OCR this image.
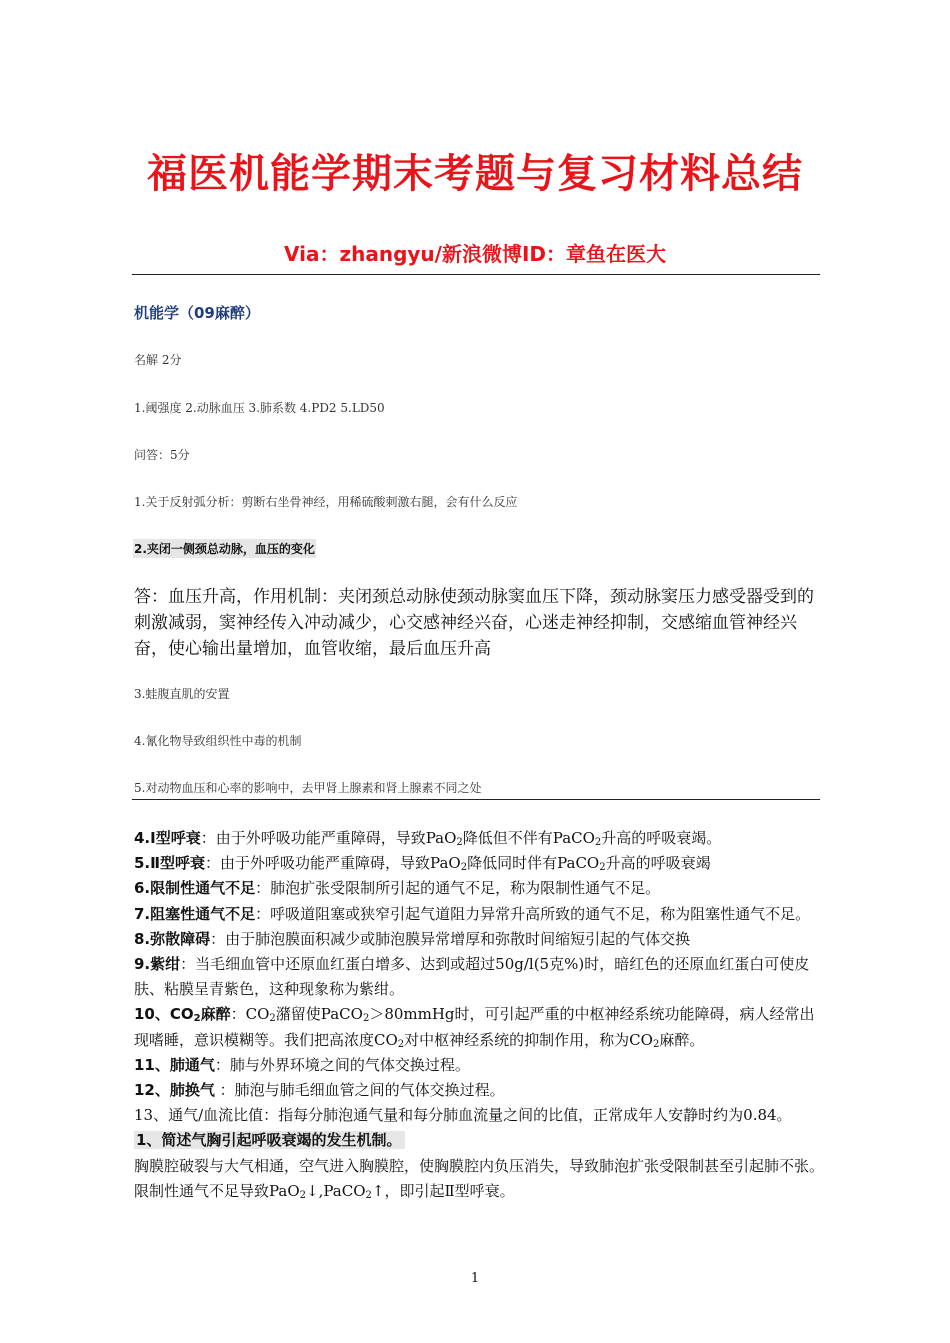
福医机能学期末考题与复习材料总结
Via：zhangyu/新浪微博ID：章鱼在医大
机能学（09麻醉）
名解 2分
1.阈强度 2.动脉血压 3.肺系数 4.PD2 5.LD50
问答：5分
1.关于反射弧分析：剪断右坐骨神经，用稀硫酸刺激右腿，会有什么反应
2.夹闭一侧颈总动脉，血压的变化
答：血压升高，作用机制：夹闭颈总动脉使颈动脉窦血压下降，颈动脉窦压力感受器受到的刺激减弱，窦神经传入冲动减少，心交感神经兴奋，心迷走神经抑制，交感缩血管神经兴奋，使心输出量增加，血管收缩，最后血压升高
3.蛙腹直肌的安置
4.氰化物导致组织性中毒的机制
5.对动物血压和心率的影响中，去甲肾上腺素和肾上腺素不同之处

4.Ⅰ型呼衰：由于外呼吸功能严重障碍，导致PaO$_2$降低但不伴有PaCO$_2$升高的呼吸衰竭。

5.Ⅱ型呼衰：由于外呼吸功能严重障碍，导致PaO$_2$降低同时伴有PaCO$_2$升高的呼吸衰竭

6.限制性通气不足：肺泡扩张受限制所引起的通气不足，称为限制性通气不足。

7.阻塞性通气不足：呼吸道阻塞或狭窄引起气道阻力异常升高所致的通气不足，称为阻塞性通气不足。

8.弥散障碍：由于肺泡膜面积减少或肺泡膜异常增厚和弥散时间缩短引起的气体交换

9.紫绀：当毛细血管中还原血红蛋白增多、达到或超过50g/l(5克%)时，暗红色的还原血红蛋白可使皮肤、粘膜呈青紫色，这种现象称为紫绀。

10、$CO_2$麻醉：$CO_2$潴留使PaCO$_2$＞80mmHg时，可引起严重的中枢神经系统功能障碍，病人经常出现嗜睡，意识模糊等。我们把高浓度$CO_2$对中枢神经系统的抑制作用，称为$CO_2$麻醉。

11、肺通气：肺与外界环境之间的气体交换过程。

12、肺换气 ：肺泡与肺毛细血管之间的气体交换过程。

13、通气/血流比值：指每分肺泡通气量和每分肺血流量之间的比值，正常成年人安静时约为0.84。

1、简述气胸引起呼吸衰竭的发生机制。

胸膜腔破裂与大气相通，空气进入胸膜腔，使胸膜腔内负压消失，导致肺泡扩张受限制甚至引起肺不张。限制性通气不足导致PaO$_2$↓,PaCO$_2$↑，即引起Ⅱ型呼衰。

1
